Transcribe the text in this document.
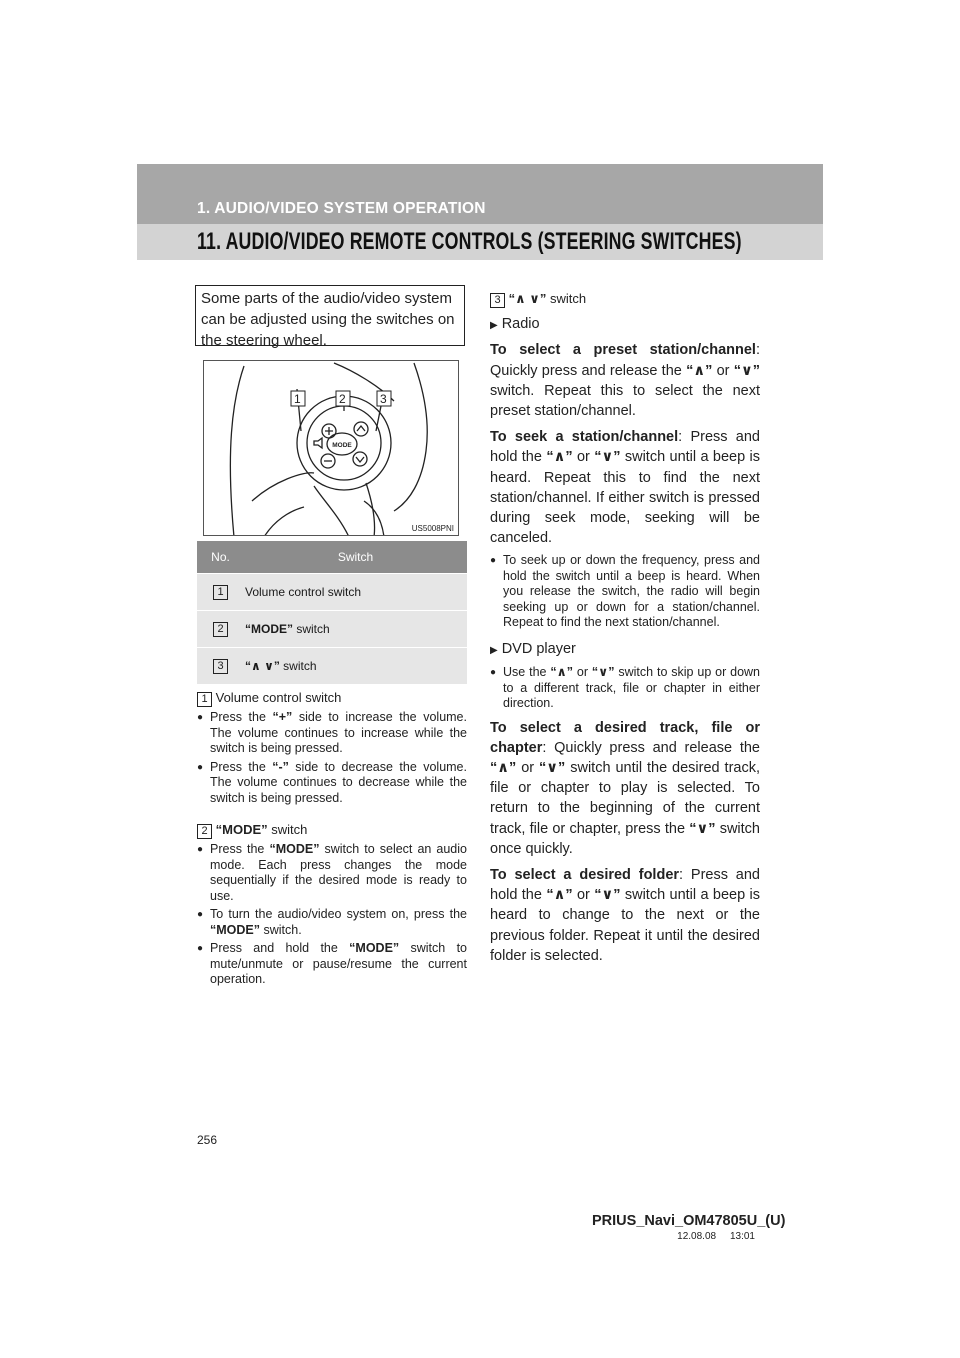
1. AUDIO/VIDEO SYSTEM OPERATION
11. AUDIO/VIDEO REMOTE CONTROLS (STEERING SWITCHES)
Some parts of the audio/video system can be adjusted using the switches on the steering wheel.
MODE
1	2	3
US5008PNI
No.	Switch
1	Volume control switch
2	“MODE” switch
3	“∧ ∨” switch
1 Volume control switch
● Press the “+” side to increase the volume. The volume continues to increase while the switch is being pressed.
● Press the “-” side to decrease the volume. The volume continues to decrease while the switch is being pressed.
2 “MODE” switch
● Press the “MODE” switch to select an audio mode. Each press changes the mode sequentially if the desired mode is ready to use.
● To turn the audio/video system on, press the “MODE” switch.
● Press and hold the “MODE” switch to mute/unmute or pause/resume the current operation.
3 “∧ ∨” switch
▶ Radio
To select a preset station/channel: Quickly press and release the “∧” or “∨” switch. Repeat this to select the next preset station/channel.
To seek a station/channel: Press and hold the “∧” or “∨” switch until a beep is heard. Repeat this to find the next station/channel. If either switch is pressed during seek mode, seeking will be canceled.
● To seek up or down the frequency, press and hold the switch until a beep is heard. When you release the switch, the radio will begin seeking up or down for a station/channel. Repeat to find the next station/channel.
▶ DVD player
● Use the “∧” or “∨” switch to skip up or down to a different track, file or chapter in either direction.
To select a desired track, file or chapter: Quickly press and release the “∧” or “∨” switch until the desired track, file or chapter to play is selected. To return to the beginning of the current track, file or chapter, press the “∨” switch once quickly.
To select a desired folder: Press and hold the “∧” or “∨” switch until a beep is heard to change to the next or the previous folder. Repeat it until the desired folder is selected.
256
PRIUS_Navi_OM47805U_(U)
12.08.08     13:01
